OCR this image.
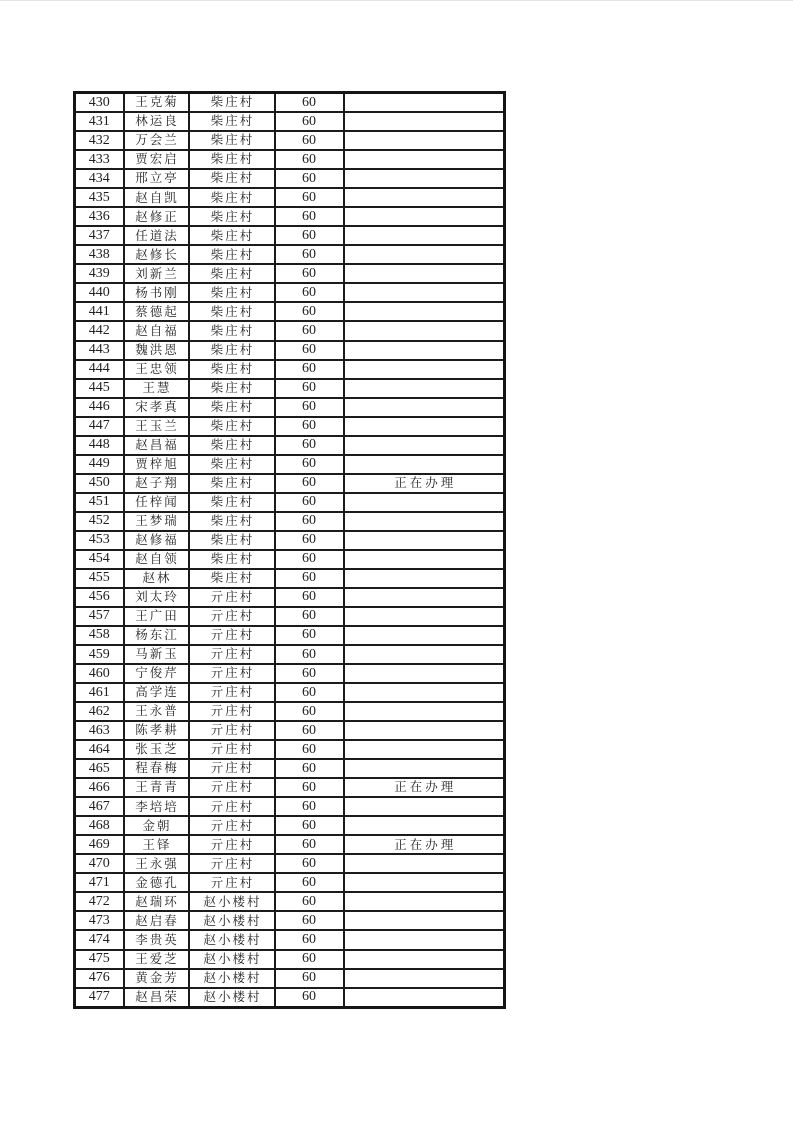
430	王克菊	柴庄村	60	
431	林运良	柴庄村	60	
432	万会兰	柴庄村	60	
433	贾宏启	柴庄村	60	
434	邢立亭	柴庄村	60	
435	赵自凯	柴庄村	60	
436	赵修正	柴庄村	60	
437	任道法	柴庄村	60	
438	赵修长	柴庄村	60	
439	刘新兰	柴庄村	60	
440	杨书刚	柴庄村	60	
441	蔡德起	柴庄村	60	
442	赵自福	柴庄村	60	
443	魏洪恩	柴庄村	60	
444	王忠领	柴庄村	60	
445	王慧	柴庄村	60	
446	宋孝真	柴庄村	60	
447	王玉兰	柴庄村	60	
448	赵昌福	柴庄村	60	
449	贾梓旭	柴庄村	60	
450	赵子翔	柴庄村	60	正在办理
451	任梓闻	柴庄村	60	
452	王梦瑞	柴庄村	60	
453	赵修福	柴庄村	60	
454	赵自领	柴庄村	60	
455	赵林	柴庄村	60	
456	刘太玲	亓庄村	60	
457	王广田	亓庄村	60	
458	杨东江	亓庄村	60	
459	马新玉	亓庄村	60	
460	宁俊芹	亓庄村	60	
461	高学连	亓庄村	60	
462	王永普	亓庄村	60	
463	陈孝耕	亓庄村	60	
464	张玉芝	亓庄村	60	
465	程春梅	亓庄村	60	
466	王青青	亓庄村	60	正在办理
467	李培培	亓庄村	60	
468	金朝	亓庄村	60	
469	王铎	亓庄村	60	正在办理
470	王永强	亓庄村	60	
471	金德孔	亓庄村	60	
472	赵瑞环	赵小楼村	60	
473	赵启春	赵小楼村	60	
474	李贵英	赵小楼村	60	
475	王爱芝	赵小楼村	60	
476	黄金芳	赵小楼村	60	
477	赵昌荣	赵小楼村	60	
